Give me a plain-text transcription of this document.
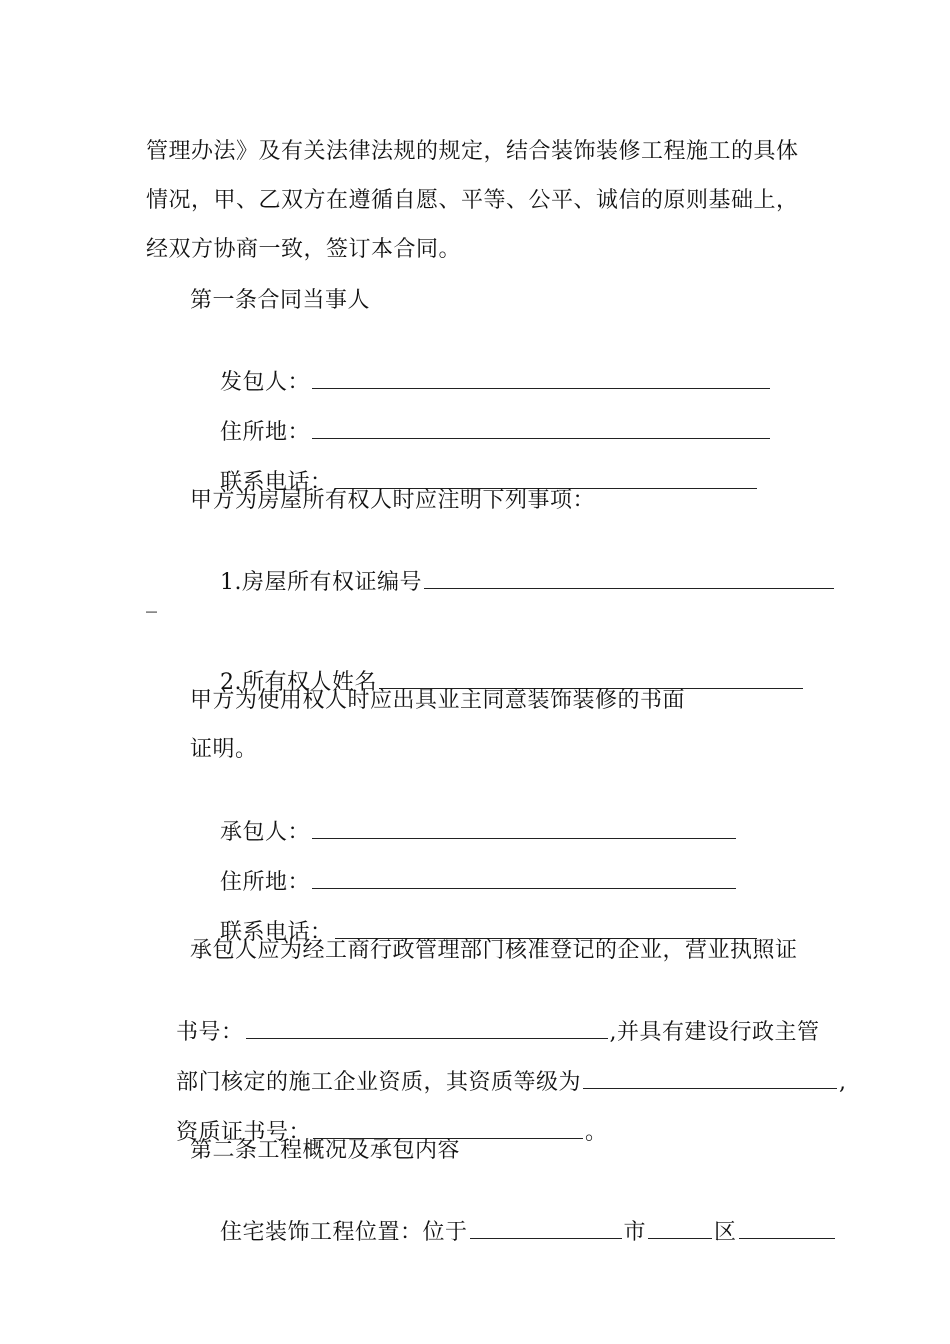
管理办法》及有关法律法规的规定，结合装饰装修工程施工的具体
情况，甲、乙双方在遵循自愿、平等、公平、诚信的原则基础上，
经双方协商一致，签订本合同。
第一条合同当事人

发包人：

住所地：

联系电话：

甲方为房屋所有权人时应注明下列事项：

1.房屋所有权证编号

_

2.所有权人姓名

甲方为使用权人时应出具业主同意装饰装修的书面
证明。

承包人：

住所地：

联系电话：

承包人应为经工商行政管理部门核准登记的企业，营业执照证

书号：	,并具有建设行政主管

部门核定的施工企业资质，其资质等级为	,

资质证书号：	。

第二条工程概况及承包内容

住宅装饰工程位置：位于	市	区
